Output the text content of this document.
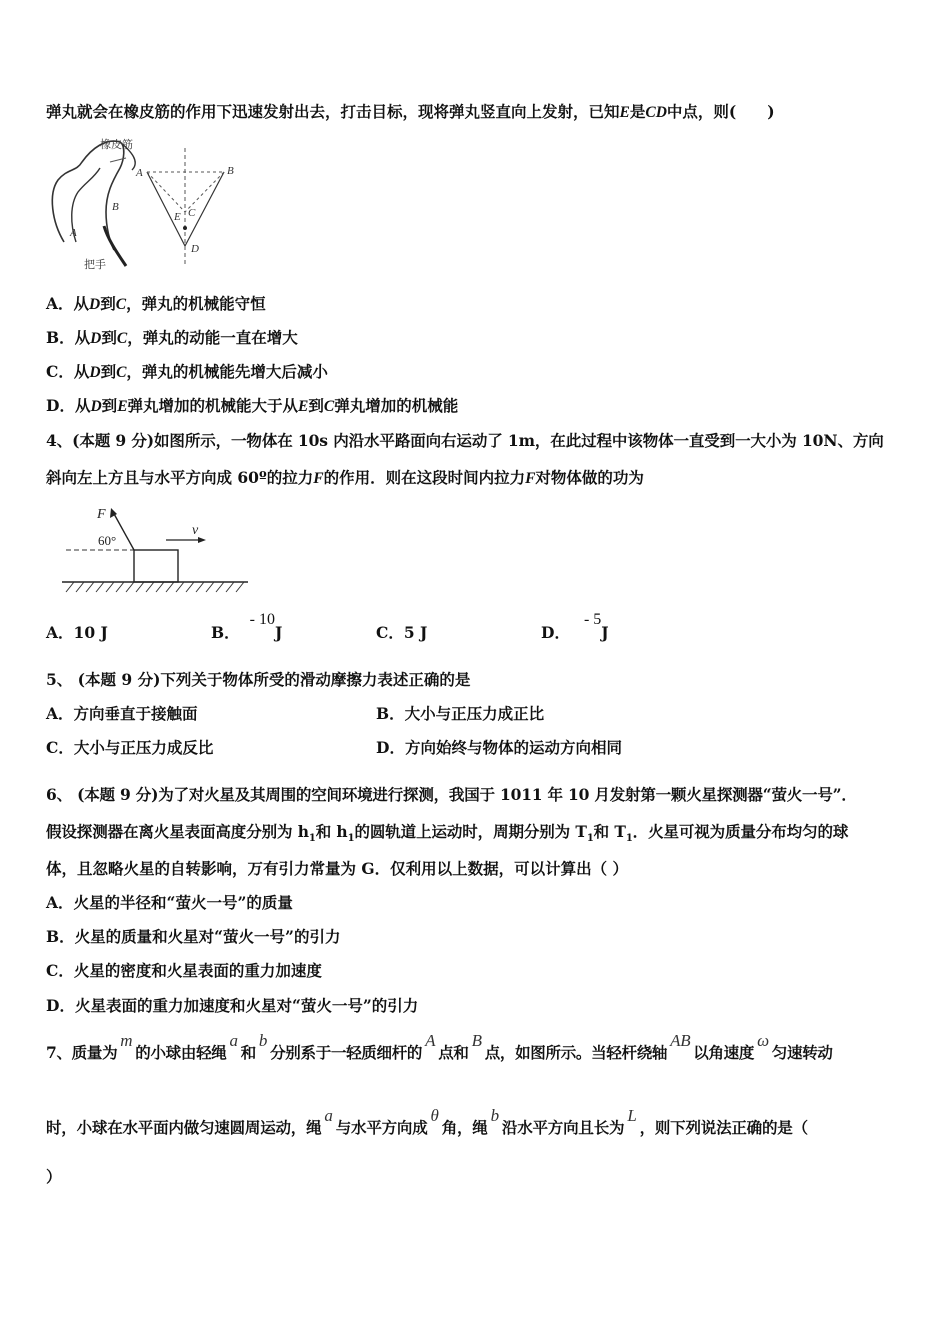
弹丸就会在橡皮筋的作用下迅速发射出去，打击目标，现将弹丸竖直向上发射，已知E是CD中点，则(　　)
橡皮筋
把手
A
B
A	B
C
E
D
A．从D到C，弹丸的机械能守恒
B．从D到C，弹丸的动能一直在增大
C．从D到C，弹丸的机械能先增大后减小
D．从D到E弹丸增加的机械能大于从E到C弹丸增加的机械能
4、(本题 9 分)如图所示，一物体在 10s 内沿水平路面向右运动了 1m，在此过程中该物体一直受到一大小为 10N、方向
斜向左上方且与水平方向成 60º的拉力F的作用．则在这段时间内拉力F对物体做的功为
F
60°
v
A．10 J	B．- 10J	C．5 J	D．- 5J
5、 (本题 9 分)下列关于物体所受的滑动摩擦力表述正确的是
A．方向垂直于接触面	B．大小与正压力成正比
C．大小与正压力成反比	D．方向始终与物体的运动方向相同
6、 (本题 9 分)为了对火星及其周围的空间环境进行探测，我国于 1011 年 10 月发射第一颗火星探测器“萤火一号”．
假设探测器在离火星表面高度分别为 $h_1$和 $h_1$的圆轨道上运动时，周期分别为 $T_1$和 $T_1$．火星可视为质量分布均匀的球
体，且忽略火星的自转影响，万有引力常量为 G．仅利用以上数据，可以计算出（ ）
A．火星的半径和“萤火一号”的质量
B．火星的质量和火星对“萤火一号”的引力
C．火星的密度和火星表面的重力加速度
D．火星表面的重力加速度和火星对“萤火一号”的引力
7、质量为m的小球由轻绳a和b分别系于一轻质细杆的A点和B点，如图所示。当轻杆绕轴AB以角速度ω匀速转动
时，小球在水平面内做匀速圆周运动，绳a与水平方向成θ角，绳b沿水平方向且长为L，则下列说法正确的是（
）
